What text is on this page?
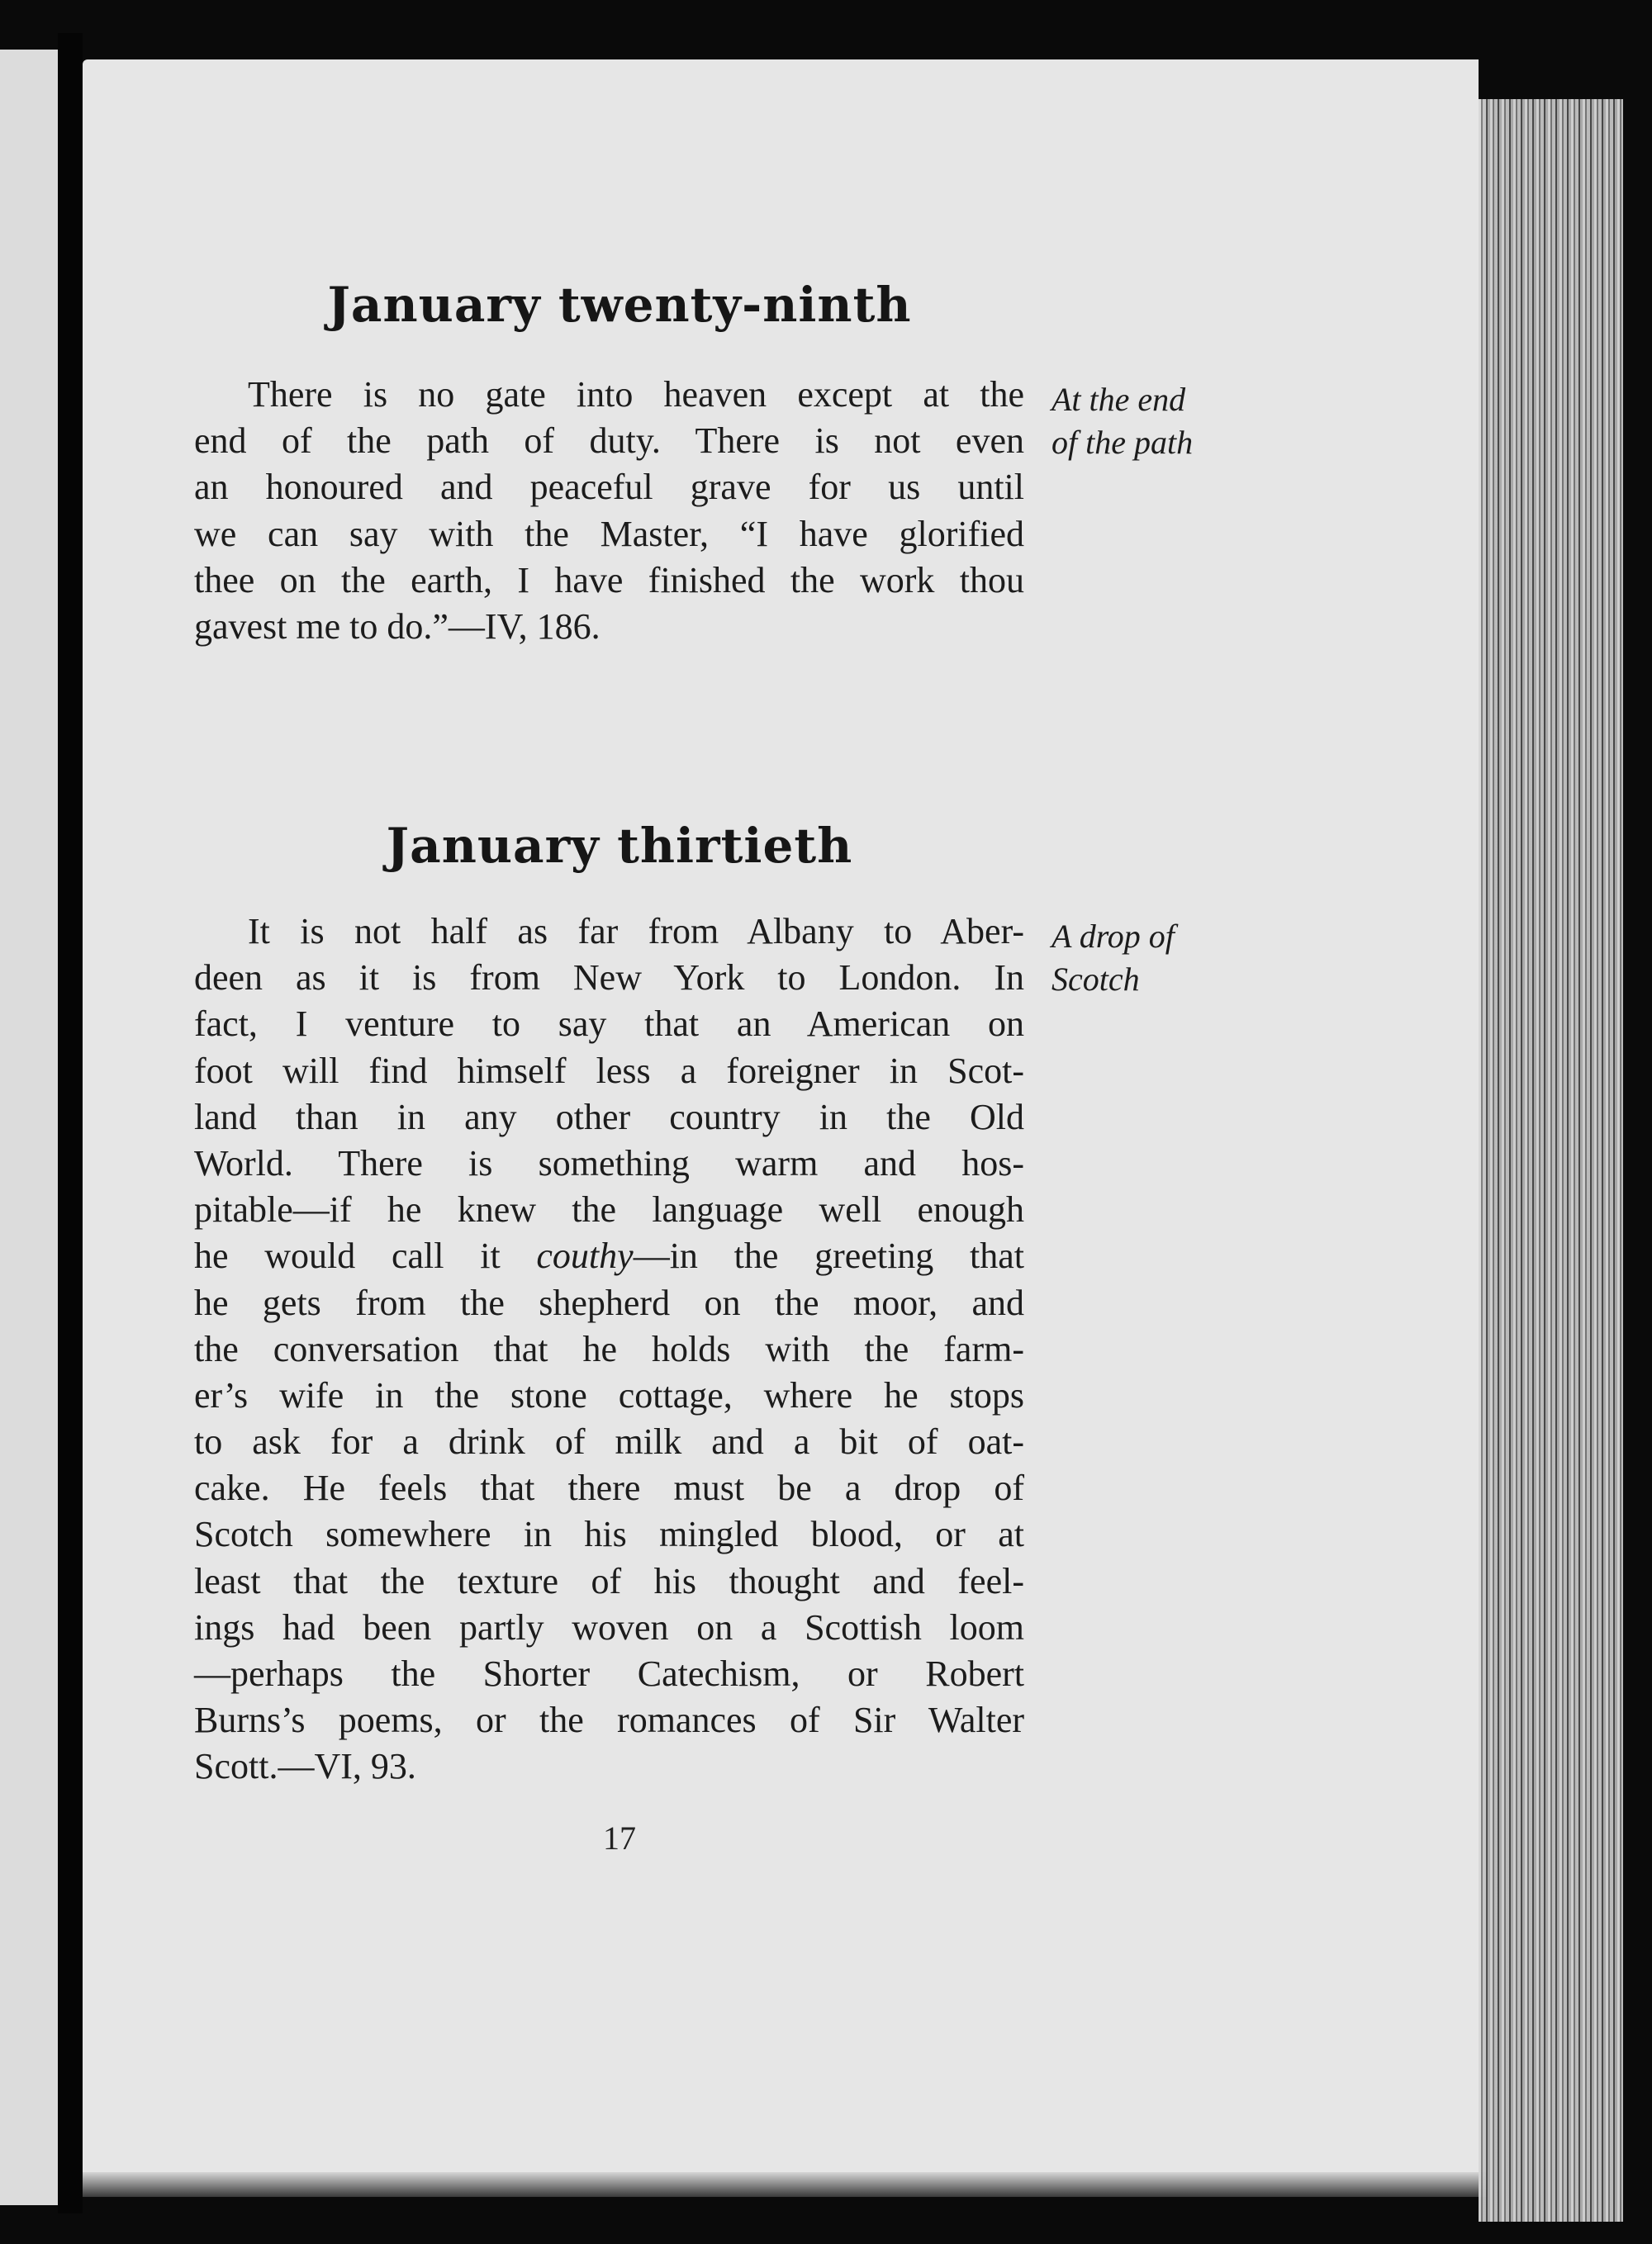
January twenty-ninth
There is no gate into heaven except at the
end of the path of duty. There is not even
an honoured and peaceful grave for us until
we can say with the Master, “I have glorified
thee on the earth, I have finished the work thou
gavest me to do.”—IV, 186.
At the end
of the path
January thirtieth
It is not half as far from Albany to Aber-
deen as it is from New York to London. In
fact, I venture to say that an American on
foot will find himself less a foreigner in Scot-
land than in any other country in the Old
World. There is something warm and hos-
pitable—if he knew the language well enough
he would call it couthy—in the greeting that
he gets from the shepherd on the moor, and
the conversation that he holds with the farm-
er’s wife in the stone cottage, where he stops
to ask for a drink of milk and a bit of oat-
cake. He feels that there must be a drop of
Scotch somewhere in his mingled blood, or at
least that the texture of his thought and feel-
ings had been partly woven on a Scottish loom
—perhaps the Shorter Catechism, or Robert
Burns’s poems, or the romances of Sir Walter
Scott.—VI, 93.
A drop of
Scotch
17
